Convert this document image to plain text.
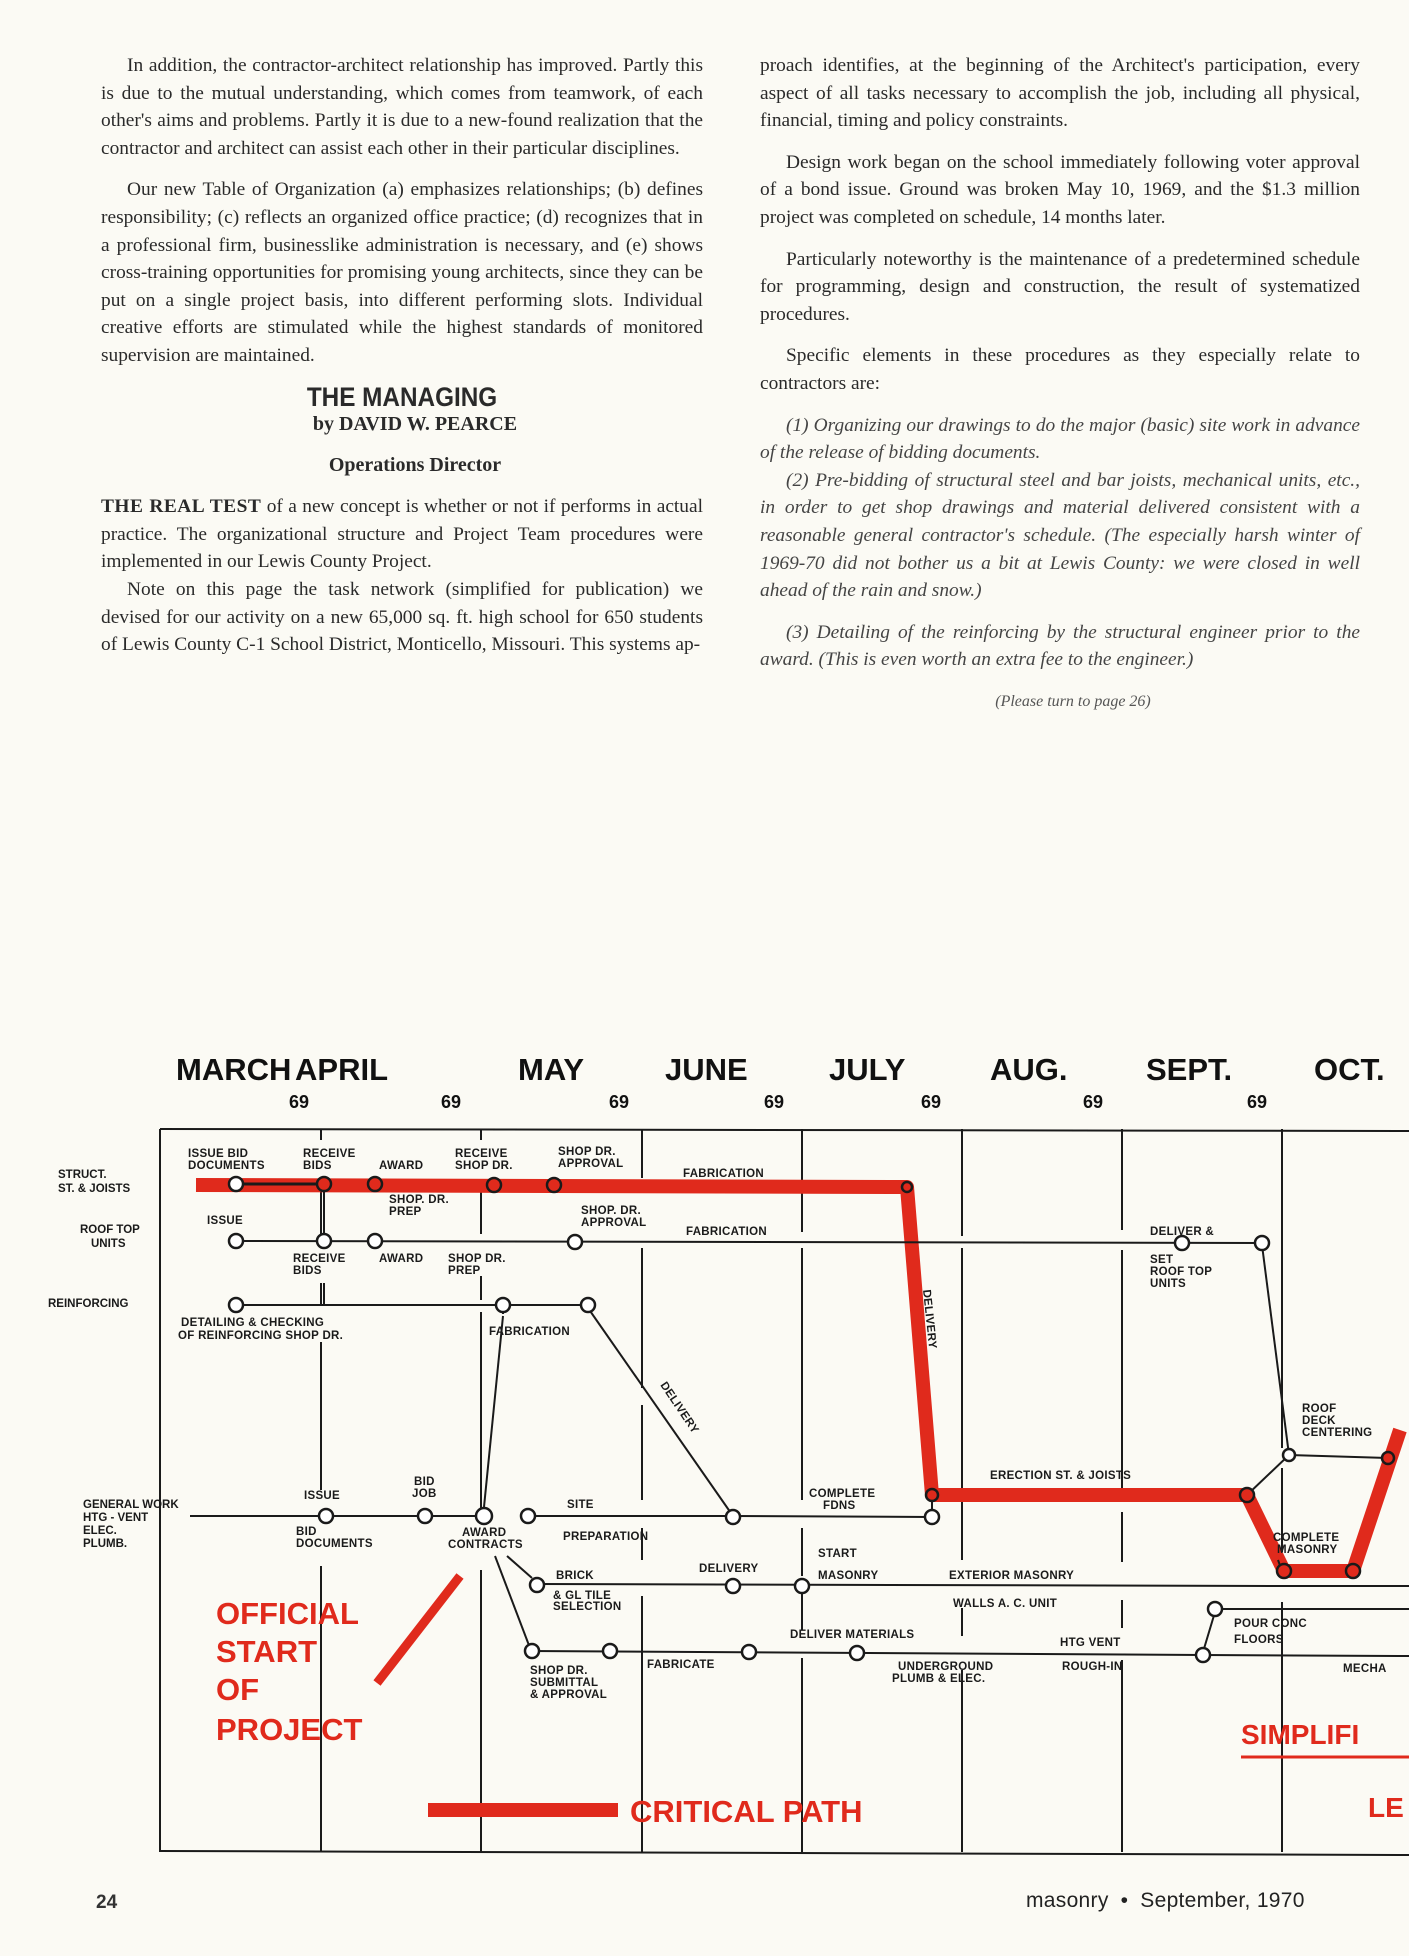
In addition, the contractor-architect relationship has improved. Partly this is due to the mutual understanding, which comes from teamwork, of each other's aims and problems. Partly it is due to a new-found realization that the contractor and architect can assist each other in their particular disciplines.

Our new Table of Organization (a) emphasizes relationships; (b) defines responsibility; (c) reflects an organized office practice; (d) recognizes that in a professional firm, businesslike administration is necessary, and (e) shows cross-training opportunities for promising young architects, since they can be put on a single project basis, into different performing slots. Individual creative efforts are stimulated while the highest standards of monitored supervision are maintained.

THE MANAGING

by DAVID W. PEARCE

Operations Director

THE REAL TEST of a new concept is whether or not if performs in actual practice. The organizational structure and Project Team procedures were implemented in our Lewis County Project.

Note on this page the task network (simplified for publication) we devised for our activity on a new 65,000 sq. ft. high school for 650 students of Lewis County C-1 School District, Monticello, Missouri. This systems ap-

proach identifies, at the beginning of the Architect's participation, every aspect of all tasks necessary to accomplish the job, including all physical, financial, timing and policy constraints.

Design work began on the school immediately following voter approval of a bond issue. Ground was broken May 10, 1969, and the $1.3 million project was completed on schedule, 14 months later.

Particularly noteworthy is the maintenance of a predetermined schedule for programming, design and construction, the result of systematized procedures.

Specific elements in these procedures as they especially relate to contractors are:

(1) Organizing our drawings to do the major (basic) site work in advance of the release of bidding documents.

(2) Pre-bidding of structural steel and bar joists, mechanical units, etc., in order to get shop drawings and material delivered consistent with a reasonable general contractor's schedule. (The especially harsh winter of 1969-70 did not bother us a bit at Lewis County: we were closed in well ahead of the rain and snow.)

(3) Detailing of the reinforcing by the structural engineer prior to the award. (This is even worth an extra fee to the engineer.)

(Please turn to page 26)

MARCH APRIL	MAY	JUNE	JULY	AUG.	SEPT.	OCT.
69	69	69	69	69	69	69
STRUCT.
ST. & JOISTS
ROOF TOP
UNITS
REINFORCING
GENERAL WORK
HTG - VENT
ELEC.
PLUMB.
ISSUE BID
DOCUMENTS
RECEIVE
BIDS	AWARD
RECEIVE
SHOP DR.
SHOP DR.
APPROVAL
FABRICATION
SHOP. DR.
PREP
ISSUE
SHOP. DR.
APPROVAL
FABRICATION	DELIVER &
SET
ROOF TOP
UNITS
RECEIVE
BIDS
AWARD SHOP DR.
PREP
DETAILING & CHECKING
OF REINFORCING SHOP DR.	FABRICATION
DELIVERY
DELIVERY
ROOF
DECK
CENTERING
ERECTION ST. & JOISTS
ISSUE
BID
JOB
SITE
PREPARATION
COMPLETE
FDNS
BID
DOCUMENTS
AWARD
CONTRACTS
START
MASONRY
COMPLETE
MASONRY
BRICK
& GL TILE
SELECTION
DELIVERY
EXTERIOR MASONRY
WALLS A. C. UNIT
POUR CONC
FLOORS
DELIVER MATERIALS
HTG VENT
ROUGH-IN
UNDERGROUND
PLUMB & ELEC.
SHOP DR.
SUBMITTAL
& APPROVAL
FABRICATE	MECHA
OFFICIAL
START
OF
PROJECT
CRITICAL PATH
SIMPLIFI
LE
24	masonry • September, 1970
